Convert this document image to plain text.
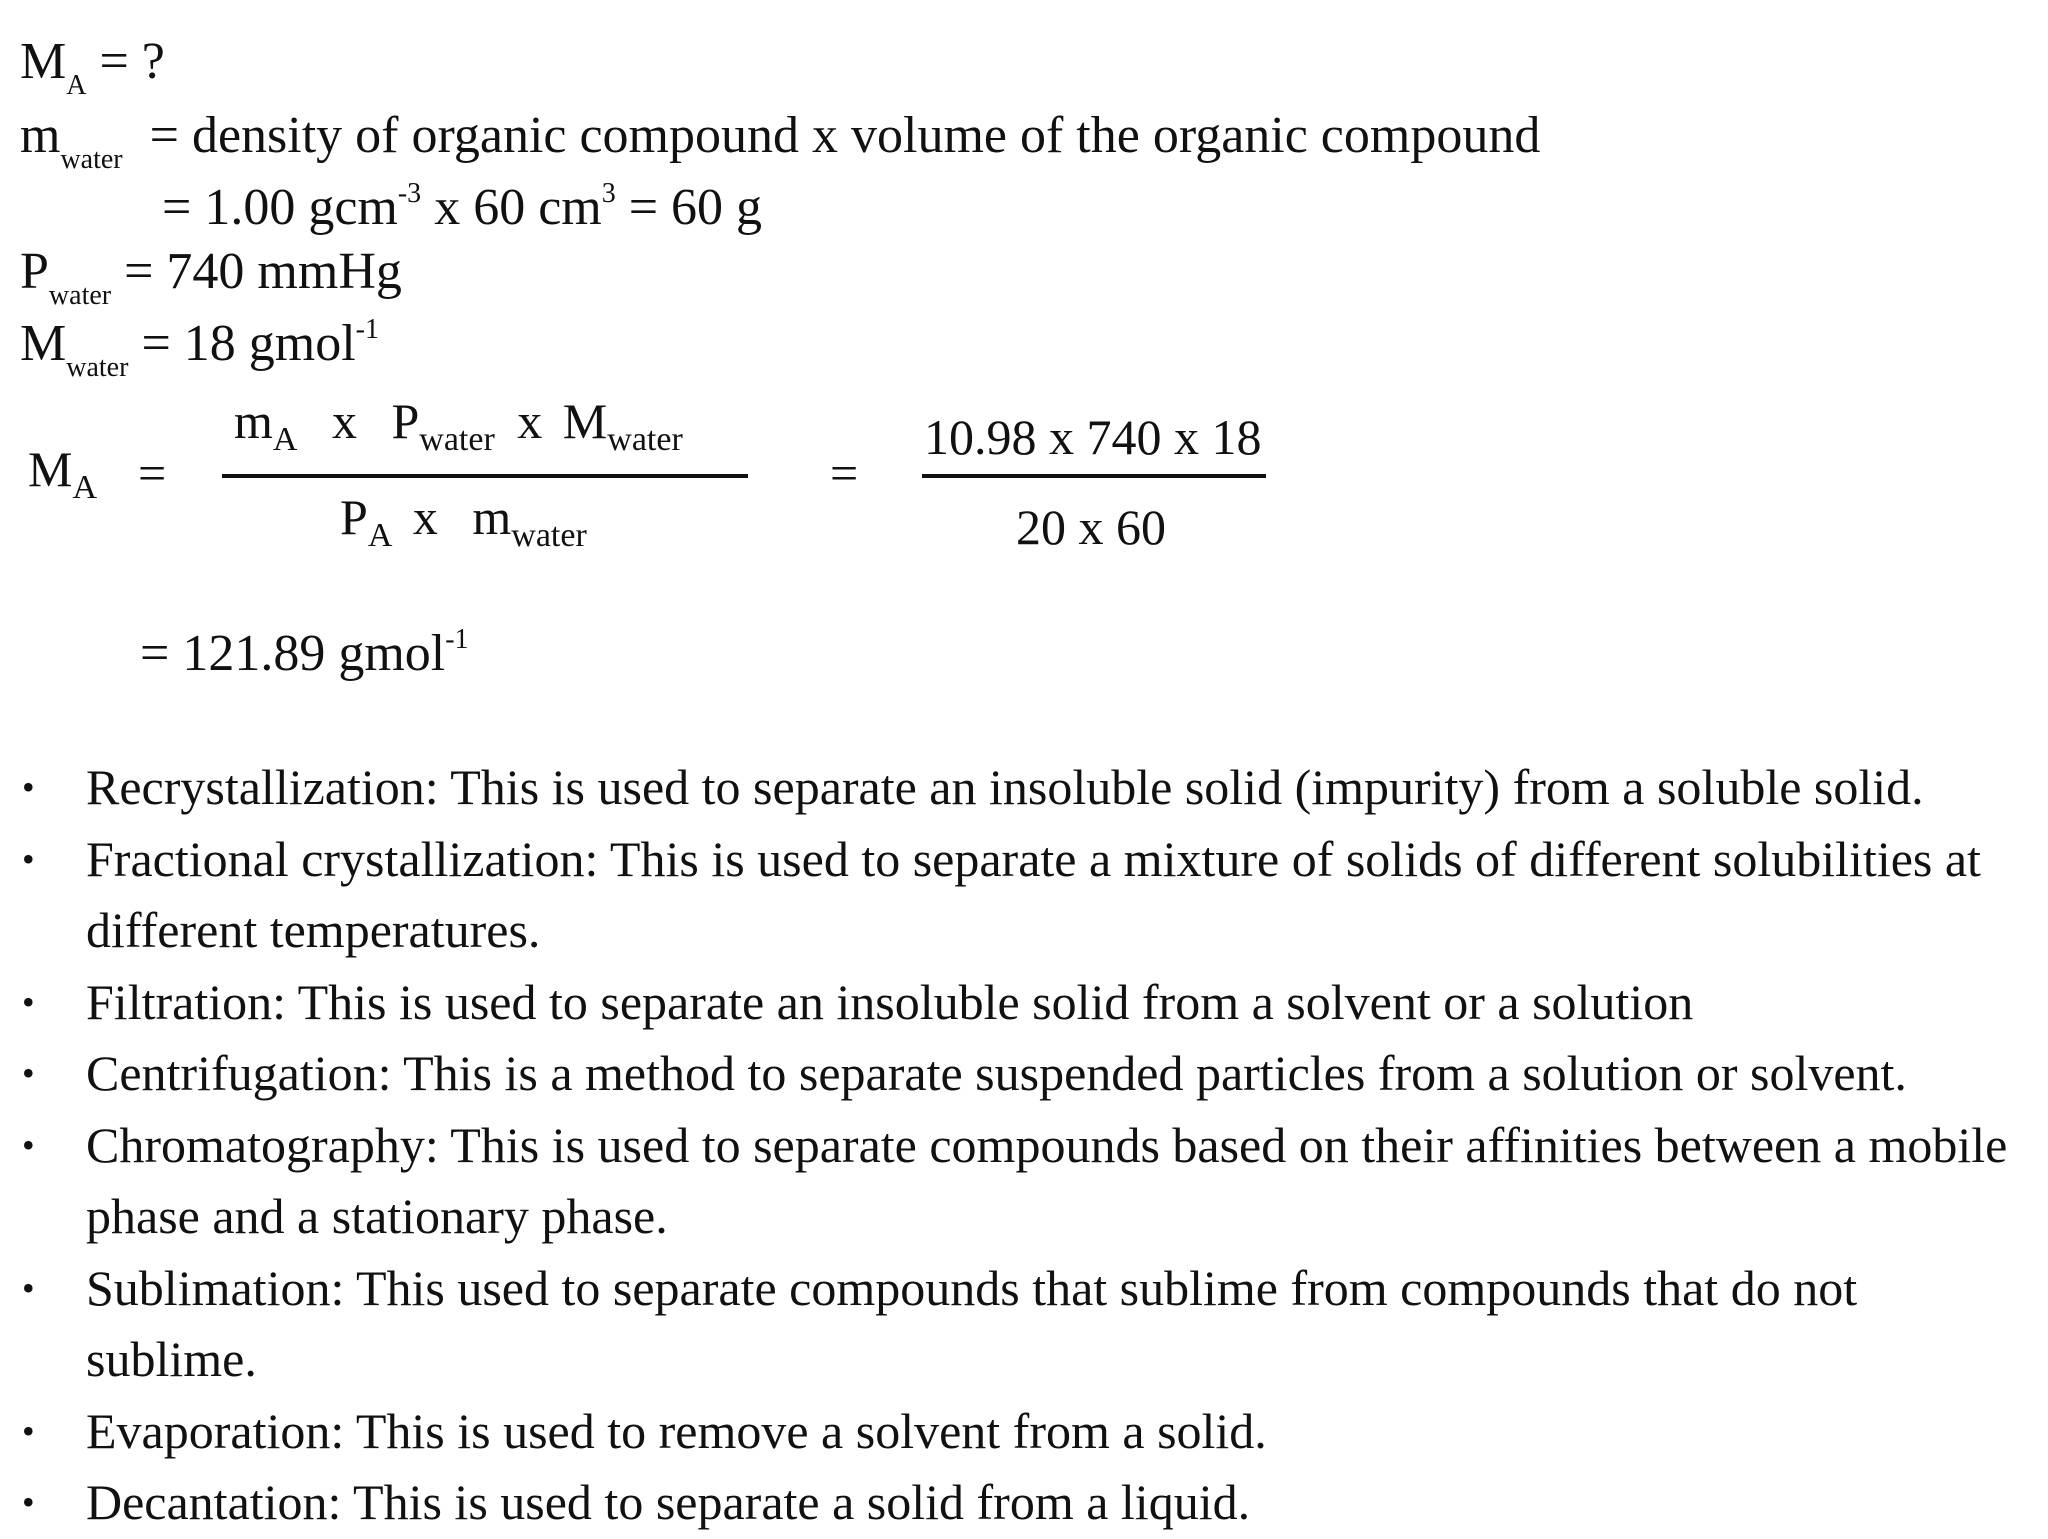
$M_A$ = ?
$m_{water}$ = density of organic compound x volume of the organic compound
= 1.00 gcm$^{-3}$ x 60 $cm^3 = 60$ g
$P_{water} = 740$ mmHg
$M_{water} = 18$ gmol$^{-1}$
$M_A$ =
$m_A$ x $P_{water}$ x $M_{water}$
$P_A$ x $m_{water}$
=
10.98 x 740 x 18
20 x 60
= 121.89 gmol$^{-1}$
• Recrystallization: This is used to separate an insoluble solid (impurity) from a soluble solid.
• Fractional crystallization: This is used to separate a mixture of solids of different solubilities at different temperatures.
• Filtration: This is used to separate an insoluble solid from a solvent or a solution
• Centrifugation: This is a method to separate suspended particles from a solution or solvent.
• Chromatography: This is used to separate compounds based on their affinities between a mobile phase and a stationary phase.
• Sublimation: This used to separate compounds that sublime from compounds that do not sublime.
• Evaporation: This is used to remove a solvent from a solid.
• Decantation: This is used to separate a solid from a liquid.
